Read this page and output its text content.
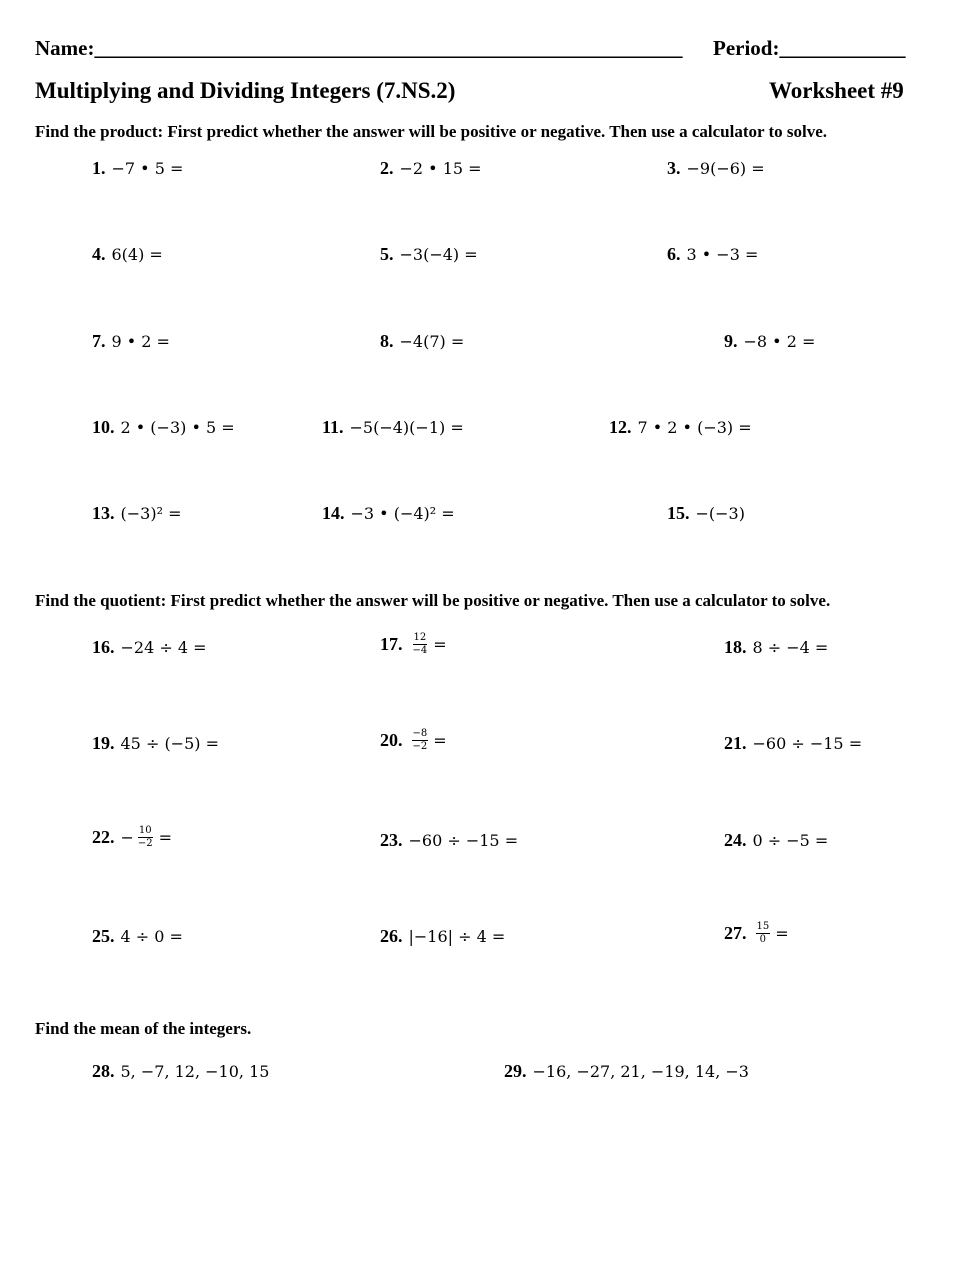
Name:________________________________________________________ Period:____________
Multiplying and Dividing Integers (7.NS.2)	Worksheet #9
Find the product: First predict whether the answer will be positive or negative. Then use a calculator to solve.
1. −7 • 5 =	2. −2 • 15 =	3. −9(−6) =
4. 6(4) =	5. −3(−4) =	6. 3 • −3 =
7. 9 • 2 =	8. −4(7) =	9. −8 • 2 =
10. 2 • (−3) • 5 =	11. −5(−4)(−1) =	12. 7 • 2 • (−3) =
13. (−3)² =	14. −3 • (−4)² =	15. −(−3)
Find the quotient: First predict whether the answer will be positive or negative. Then use a calculator to solve.
16. −24 ÷ 4 =	17. $\frac{12}{-4}$ =	18. 8 ÷ −4 =
19. 45 ÷ (−5) =	20. $\frac{-8}{-2}$ =	21. −60 ÷ −15 =
22. − $\frac{10}{-2}$ =	23. −60 ÷ −15 =	24. 0 ÷ −5 =
25. 4 ÷ 0 =	26. |−16| ÷ 4 =	27. $\frac{15}{0}$ =
Find the mean of the integers.
28. 5, −7, 12, −10, 15	29. −16, −27, 21, −19, 14, −3
